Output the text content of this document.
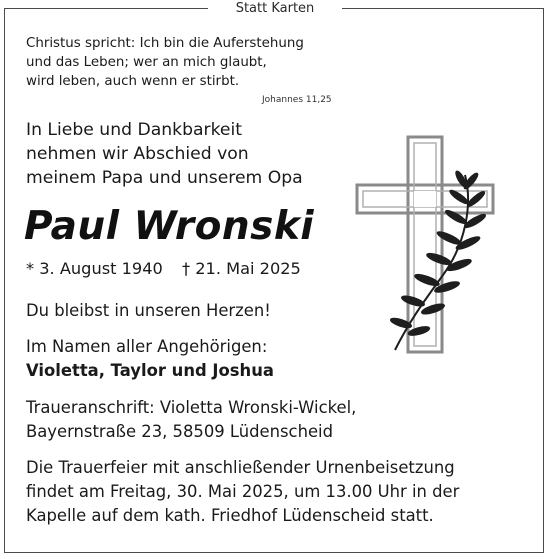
Statt Karten
Christus spricht: Ich bin die Auferstehung
und das Leben; wer an mich glaubt,
wird leben, auch wenn er stirbt.
Johannes 11,25
In Liebe und Dankbarkeit
nehmen wir Abschied von
meinem Papa und unserem Opa
Paul Wronski
* 3. August 1940 † 21. Mai 2025
Du bleibst in unseren Herzen!
Im Namen aller Angehörigen:
Violetta, Taylor und Joshua
Traueranschrift: Violetta Wronski-Wickel,
Bayernstraße 23, 58509 Lüdenscheid
Die Trauerfeier mit anschließender Urnenbeisetzung
findet am Freitag, 30. Mai 2025, um 13.00 Uhr in der
Kapelle auf dem kath. Friedhof Lüdenscheid statt.
